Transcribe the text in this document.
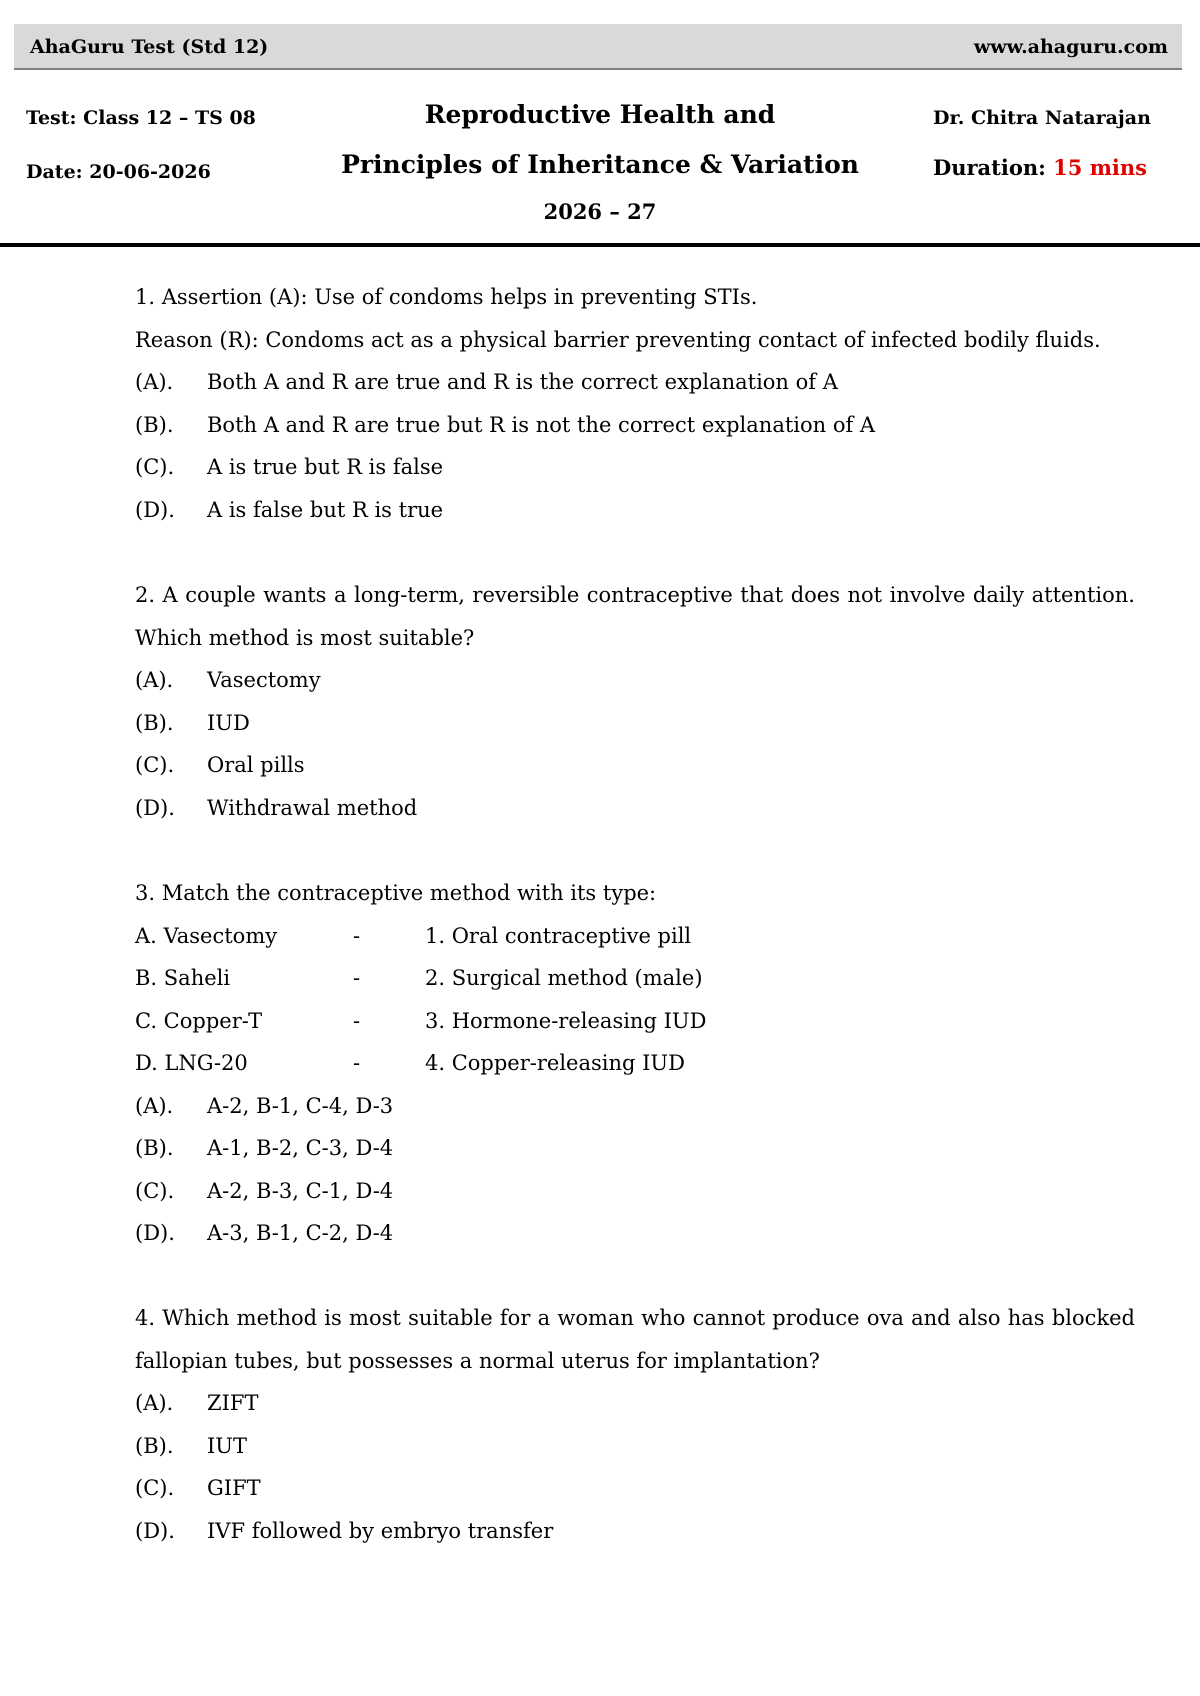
AhaGuru Test (Std 12)	www.ahaguru.com
Test: Class 12 – TS 08
Date: 20-06-2026
Reproductive Health and
Principles of Inheritance & Variation
2026 – 27
Dr. Chitra Natarajan
Duration: 15 mins
1. Assertion (A): Use of condoms helps in preventing STIs.
Reason (R): Condoms act as a physical barrier preventing contact of infected bodily fluids.
(A). Both A and R are true and R is the correct explanation of A
(B). Both A and R are true but R is not the correct explanation of A
(C). A is true but R is false
(D). A is false but R is true
2. A couple wants a long-term, reversible contraceptive that does not involve daily attention.
Which method is most suitable?
(A). Vasectomy
(B). IUD
(C). Oral pills
(D). Withdrawal method
3. Match the contraceptive method with its type:
A. Vasectomy	-	1. Oral contraceptive pill
B. Saheli	-	2. Surgical method (male)
C. Copper-T	-	3. Hormone-releasing IUD
D. LNG-20	-	4. Copper-releasing IUD
(A). A-2, B-1, C-4, D-3
(B). A-1, B-2, C-3, D-4
(C). A-2, B-3, C-1, D-4
(D). A-3, B-1, C-2, D-4
4. Which method is most suitable for a woman who cannot produce ova and also has blocked
fallopian tubes, but possesses a normal uterus for implantation?
(A). ZIFT
(B). IUT
(C). GIFT
(D). IVF followed by embryo transfer
